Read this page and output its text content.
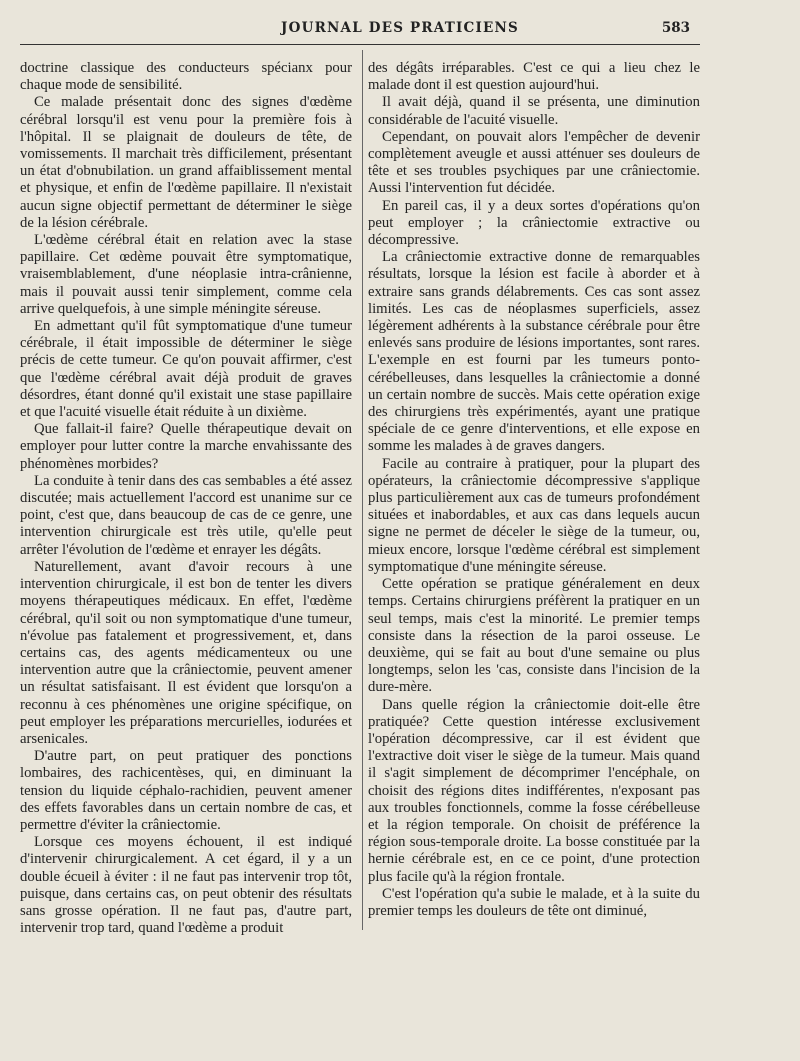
JOURNAL DES PRATICIENS	583

doctrine classique des conducteurs spécianx pour chaque mode de sensibilité.

Ce malade présentait donc des signes d'œdème cérébral lorsqu'il est venu pour la première fois à l'hôpital. Il se plaignait de douleurs de tête, de vomissements. Il marchait très difficilement, présentant un état d'obnubilation. un grand affaiblissement mental et physique, et enfin de l'œdème papillaire. Il n'existait aucun signe objectif permettant de déterminer le siège de la lésion cérébrale.

L'œdème cérébral était en relation avec la stase papillaire. Cet œdème pouvait être symptomatique, vraisemblablement, d'une néoplasie intra-crânienne, mais il pouvait aussi tenir simplement, comme cela arrive quelquefois, à une simple méningite séreuse.

En admettant qu'il fût symptomatique d'une tumeur cérébrale, il était impossible de déterminer le siège précis de cette tumeur. Ce qu'on pouvait affirmer, c'est que l'œdème cérébral avait déjà produit de graves désordres, étant donné qu'il existait une stase papillaire et que l'acuité visuelle était réduite à un dixième.

Que fallait-il faire? Quelle thérapeutique devait on employer pour lutter contre la marche envahissante des phénomènes morbides?

La conduite à tenir dans des cas sembables a été assez discutée; mais actuellement l'accord est unanime sur ce point, c'est que, dans beaucoup de cas de ce genre, une intervention chirurgicale est très utile, qu'elle peut arrêter l'évolution de l'œdème et enrayer les dégâts.

Naturellement, avant d'avoir recours à une intervention chirurgicale, il est bon de tenter les divers moyens thérapeutiques médicaux. En effet, l'œdème cérébral, qu'il soit ou non symptomatique d'une tumeur, n'évolue pas fatalement et progressivement, et, dans certains cas, des agents médicamenteux ou une intervention autre que la crâniectomie, peuvent amener un résultat satisfaisant. Il est évident que lorsqu'on a reconnu à ces phénomènes une origine spécifique, on peut employer les préparations mercurielles, iodurées et arsenicales.

D'autre part, on peut pratiquer des ponctions lombaires, des rachicentèses, qui, en diminuant la tension du liquide céphalo-rachidien, peuvent amener des effets favorables dans un certain nombre de cas, et permettre d'éviter la crâniectomie.

Lorsque ces moyens échouent, il est indiqué d'intervenir chirurgicalement. A cet égard, il y a un double écueil à éviter : il ne faut pas intervenir trop tôt, puisque, dans certains cas, on peut obtenir des résultats sans grosse opération. Il ne faut pas, d'autre part, intervenir trop tard, quand l'œdème a produit

des dégâts irréparables. C'est ce qui a lieu chez le malade dont il est question aujourd'hui.

Il avait déjà, quand il se présenta, une diminution considérable de l'acuité visuelle.

Cependant, on pouvait alors l'empêcher de devenir complètement aveugle et aussi atténuer ses douleurs de tête et ses troubles psychiques par une crâniectomie. Aussi l'intervention fut décidée.

En pareil cas, il y a deux sortes d'opérations qu'on peut employer ; la crâniectomie extractive ou décompressive.

La crâniectomie extractive donne de remarquables résultats, lorsque la lésion est facile à aborder et à extraire sans grands délabrements. Ces cas sont assez limités. Les cas de néoplasmes superficiels, assez légèrement adhérents à la substance cérébrale pour être enlevés sans produire de lésions importantes, sont rares. L'exemple en est fourni par les tumeurs ponto-cérébelleuses, dans lesquelles la crâniectomie a donné un certain nombre de succès. Mais cette opération exige des chirurgiens très expérimentés, ayant une pratique spéciale de ce genre d'interventions, et elle expose en somme les malades à de graves dangers.

Facile au contraire à pratiquer, pour la plupart des opérateurs, la crâniectomie décompressive s'applique plus particulièrement aux cas de tumeurs profondément situées et inabordables, et aux cas dans lequels aucun signe ne permet de déceler le siège de la tumeur, ou, mieux encore, lorsque l'œdème cérébral est simplement symptomatique d'une méningite séreuse.

Cette opération se pratique généralement en deux temps. Certains chirurgiens préfèrent la pratiquer en un seul temps, mais c'est la minorité. Le premier temps consiste dans la résection de la paroi osseuse. Le deuxième, qui se fait au bout d'une semaine ou plus longtemps, selon les 'cas, consiste dans l'incision de la dure-mère.

Dans quelle région la crâniectomie doit-elle être pratiquée? Cette question intéresse exclusivement l'opération décompressive, car il est évident que l'extractive doit viser le siège de la tumeur. Mais quand il s'agit simplement de décomprimer l'encéphale, on choisit des régions dites indifférentes, n'exposant pas aux troubles fonctionnels, comme la fosse cérébelleuse et la région temporale. On choisit de préférence la région sous-temporale droite. La bosse constituée par la hernie cérébrale est, en ce ce point, d'une protection plus facile qu'à la région frontale.

C'est l'opération qu'a subie le malade, et à la suite du premier temps les douleurs de tête ont diminué,
